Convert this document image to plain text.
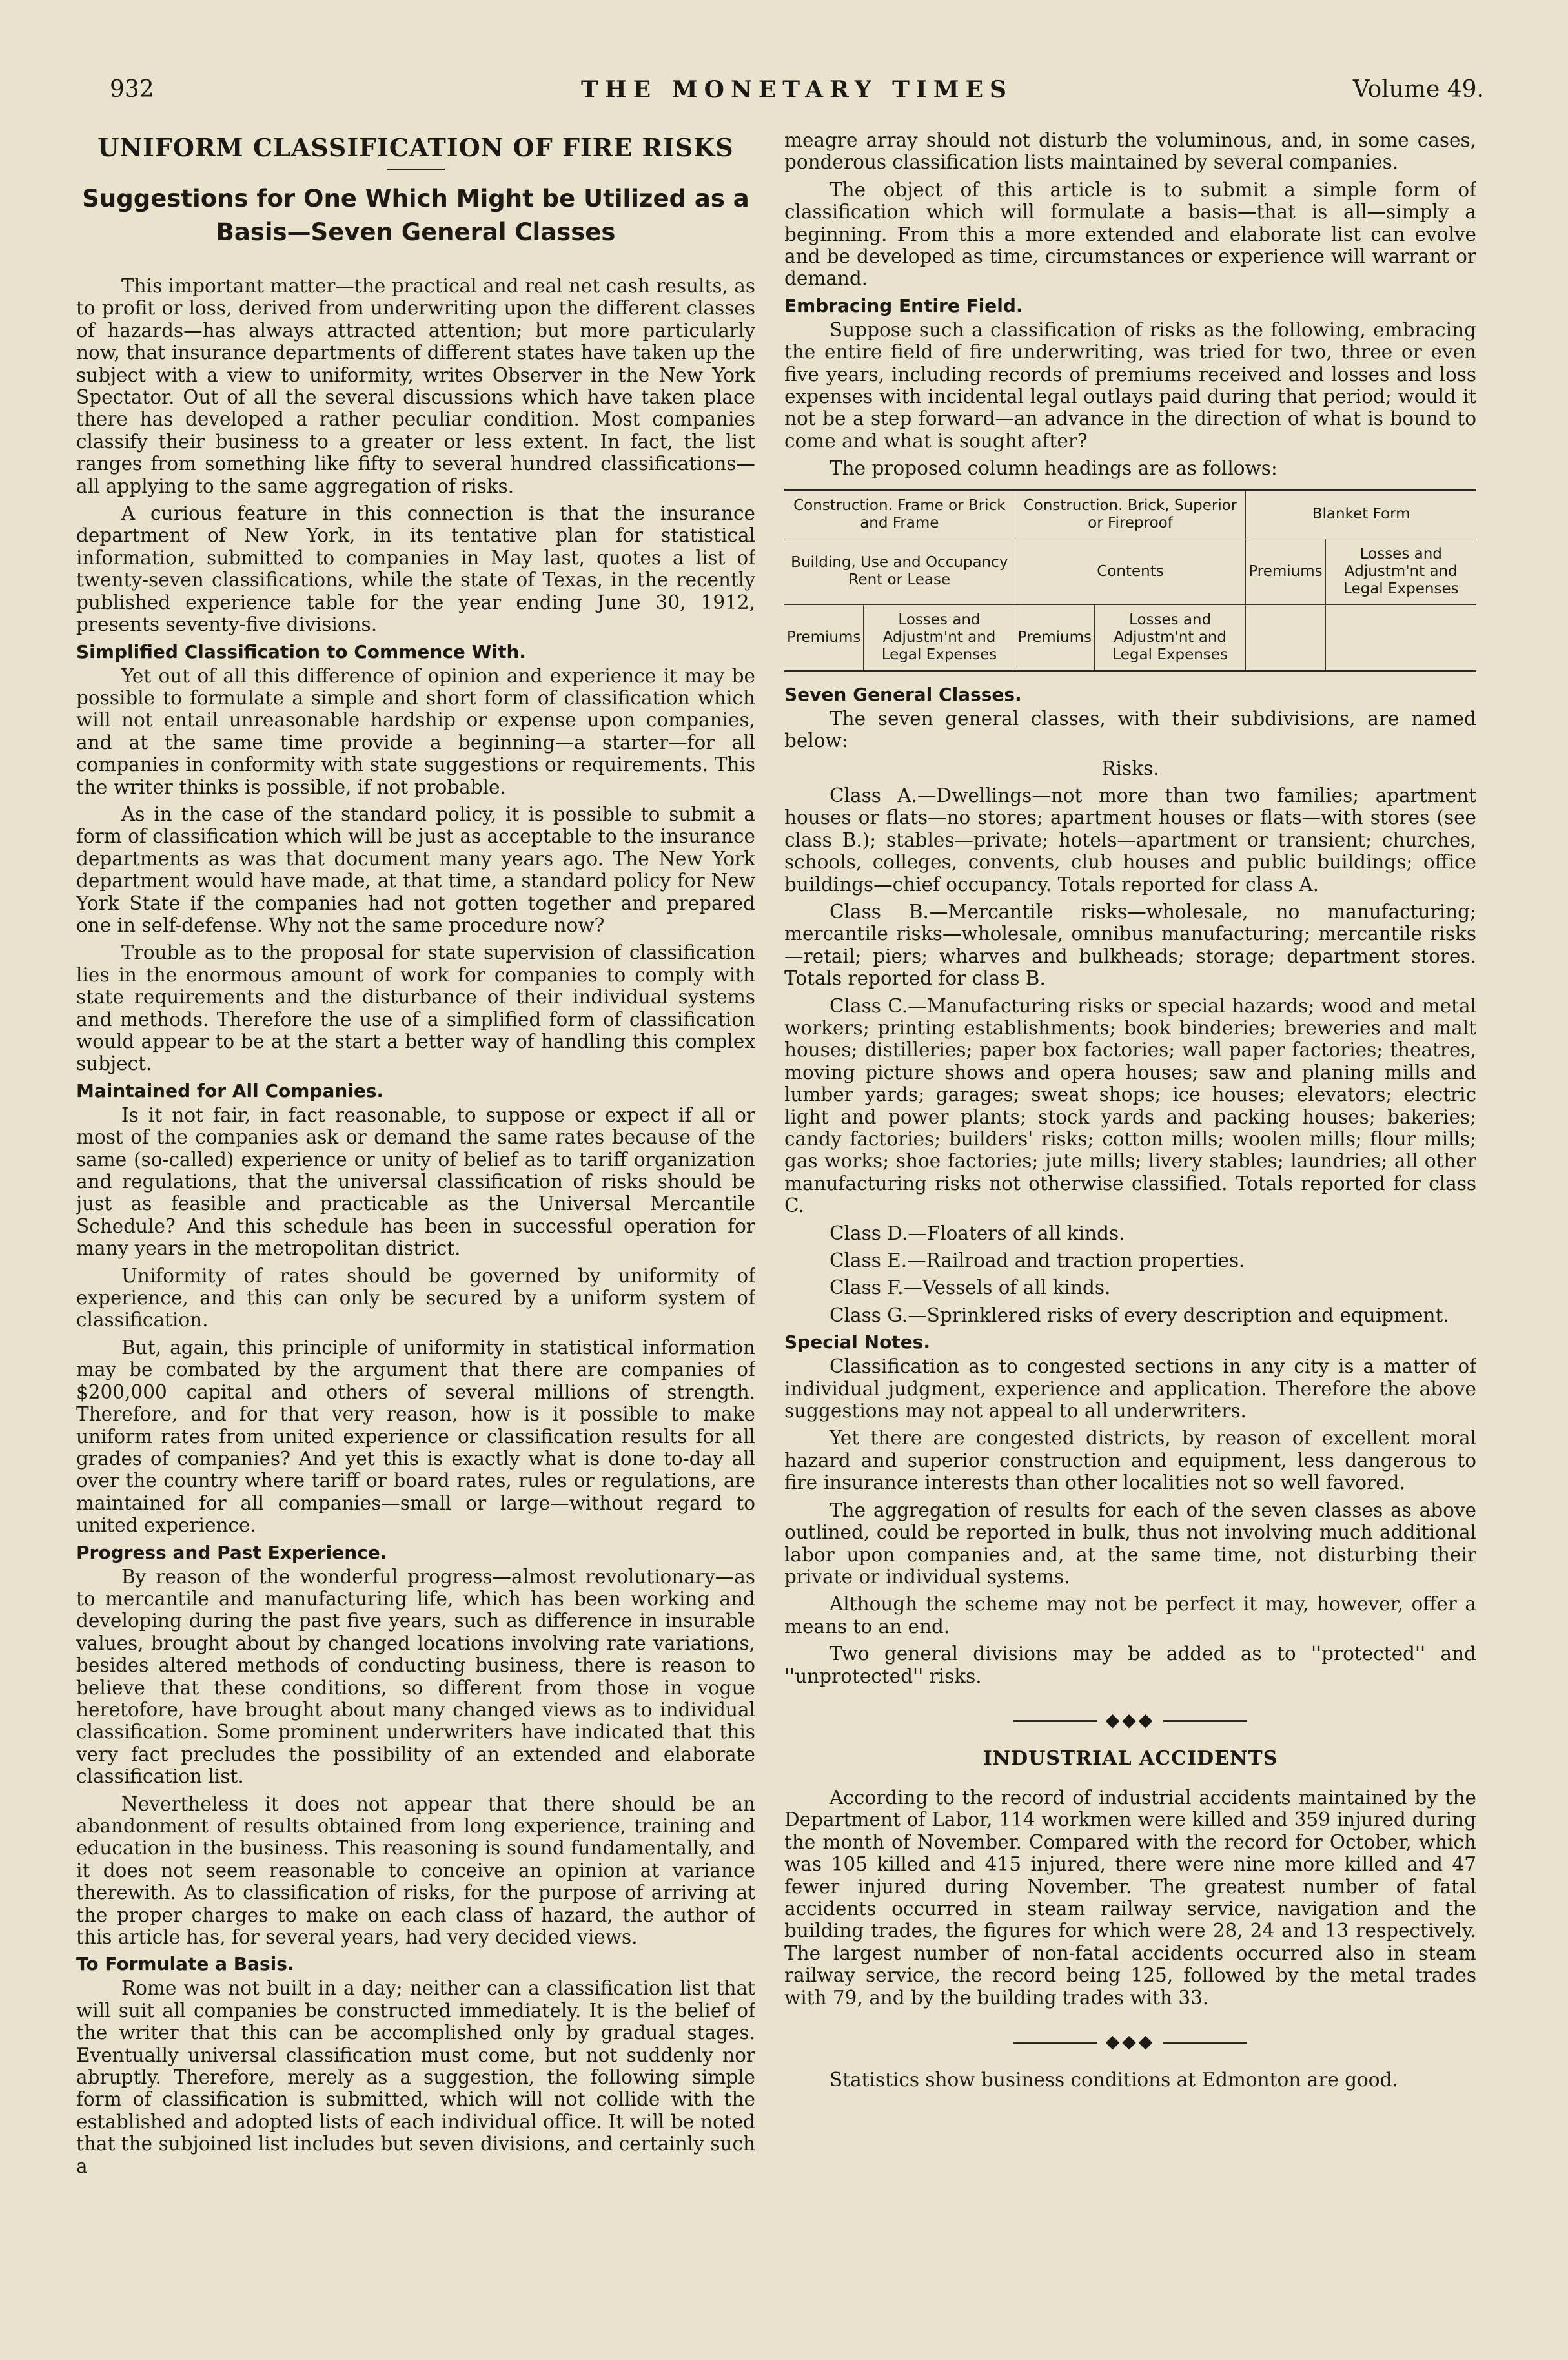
932	THE MONETARY TIMES	Volume 49.
UNIFORM CLASSIFICATION OF FIRE RISKS
Suggestions for One Which Might be Utilized as a Basis—Seven General Classes

This important matter—the practical and real net cash results, as to profit or loss, derived from underwriting upon the different classes of hazards—has always attracted attention; but more particularly now, that insurance departments of different states have taken up the subject with a view to uniformity, writes Observer in the New York Spectator. Out of all the several discussions which have taken place there has developed a rather peculiar condition. Most companies classify their business to a greater or less extent. In fact, the list ranges from something like fifty to several hundred classifications—all applying to the same aggregation of risks.

A curious feature in this connection is that the insurance department of New York, in its tentative plan for statistical information, submitted to companies in May last, quotes a list of twenty-seven classifications, while the state of Texas, in the recently published experience table for the year ending June 30, 1912, presents seventy-five divisions.

Simplified Classification to Commence With.

Yet out of all this difference of opinion and experience it may be possible to formulate a simple and short form of classification which will not entail unreasonable hardship or expense upon companies, and at the same time provide a beginning—a starter—for all companies in conformity with state suggestions or requirements. This the writer thinks is possible, if not probable.

As in the case of the standard policy, it is possible to submit a form of classification which will be just as acceptable to the insurance departments as was that document many years ago. The New York department would have made, at that time, a standard policy for New York State if the companies had not gotten together and prepared one in self-defense. Why not the same procedure now?

Trouble as to the proposal for state supervision of classification lies in the enormous amount of work for companies to comply with state requirements and the disturbance of their individual systems and methods. Therefore the use of a simplified form of classification would appear to be at the start a better way of handling this complex subject.

Maintained for All Companies.

Is it not fair, in fact reasonable, to suppose or expect if all or most of the companies ask or demand the same rates because of the same (so-called) experience or unity of belief as to tariff organization and regulations, that the universal classification of risks should be just as feasible and practicable as the Universal Mercantile Schedule? And this schedule has been in successful operation for many years in the metropolitan district.

Uniformity of rates should be governed by uniformity of experience, and this can only be secured by a uniform system of classification.

But, again, this principle of uniformity in statistical information may be combated by the argument that there are companies of $200,000 capital and others of several millions of strength. Therefore, and for that very reason, how is it possible to make uniform rates from united experience or classification results for all grades of companies? And yet this is exactly what is done to-day all over the country where tariff or board rates, rules or regulations, are maintained for all companies—small or large—without regard to united experience.

Progress and Past Experience.

By reason of the wonderful progress—almost revolutionary—as to mercantile and manufacturing life, which has been working and developing during the past five years, such as difference in insurable values, brought about by changed locations involving rate variations, besides altered methods of conducting business, there is reason to believe that these conditions, so different from those in vogue heretofore, have brought about many changed views as to individual classification. Some prominent underwriters have indicated that this very fact precludes the possibility of an extended and elaborate classification list.

Nevertheless it does not appear that there should be an abandonment of results obtained from long experience, training and education in the business. This reasoning is sound fundamentally, and it does not seem reasonable to conceive an opinion at variance therewith. As to classification of risks, for the purpose of arriving at the proper charges to make on each class of hazard, the author of this article has, for several years, had very decided views.

To Formulate a Basis.

Rome was not built in a day; neither can a classification list that will suit all companies be constructed immediately. It is the belief of the writer that this can be accomplished only by gradual stages. Eventually universal classification must come, but not suddenly nor abruptly. Therefore, merely as a suggestion, the following simple form of classification is submitted, which will not collide with the established and adopted lists of each individual office. It will be noted that the subjoined list includes but seven divisions, and certainly such a

meagre array should not disturb the voluminous, and, in some cases, ponderous classification lists maintained by several companies.

The object of this article is to submit a simple form of classification which will formulate a basis—that is all—simply a beginning. From this a more extended and elaborate list can evolve and be developed as time, circumstances or experience will warrant or demand.

Embracing Entire Field.

Suppose such a classification of risks as the following, embracing the entire field of fire underwriting, was tried for two, three or even five years, including records of premiums received and losses and loss expenses with incidental legal outlays paid during that period; would it not be a step forward—an advance in the direction of what is bound to come and what is sought after?

The proposed column headings are as follows:

Construction. Frame or Brick and Frame		Construction. Brick, Superior or Fireproof		Blanket Form	
Building, Use and Occupancy Rent or Lease		Contents		Premiums	Losses and Adjustm'nt and Legal Expenses
Premiums	Losses and Adjustm'nt and Legal Expenses	Premiums	Losses and Adjustm'nt and Legal Expenses		
Seven General Classes.

The seven general classes, with their subdivisions, are named below:

Risks.

Class A.—Dwellings—not more than two families; apartment houses or flats—no stores; apartment houses or flats—with stores (see class B.); stables—private; hotels—apartment or transient; churches, schools, colleges, convents, club houses and public buildings; office buildings—chief occupancy. Totals reported for class A.

Class B.—Mercantile risks—wholesale, no manufacturing; mercantile risks—wholesale, omnibus manufacturing; mercantile risks—retail; piers; wharves and bulkheads; storage; department stores. Totals reported for class B.

Class C.—Manufacturing risks or special hazards; wood and metal workers; printing establishments; book binderies; breweries and malt houses; distilleries; paper box factories; wall paper factories; theatres, moving picture shows and opera houses; saw and planing mills and lumber yards; garages; sweat shops; ice houses; elevators; electric light and power plants; stock yards and packing houses; bakeries; candy factories; builders' risks; cotton mills; woolen mills; flour mills; gas works; shoe factories; jute mills; livery stables; laundries; all other manufacturing risks not otherwise classified. Totals reported for class C.

Class D.—Floaters of all kinds.

Class E.—Railroad and traction properties.

Class F.—Vessels of all kinds.

Class G.—Sprinklered risks of every description and equipment.

Special Notes.

Classification as to congested sections in any city is a matter of individual judgment, experience and application. Therefore the above suggestions may not appeal to all underwriters.

Yet there are congested districts, by reason of excellent moral hazard and superior construction and equipment, less dangerous to fire insurance interests than other localities not so well favored.

The aggregation of results for each of the seven classes as above outlined, could be reported in bulk, thus not involving much additional labor upon companies and, at the same time, not disturbing their private or individual systems.

Although the scheme may not be perfect it may, however, offer a means to an end.

Two general divisions may be added as to ''protected'' and ''unprotected'' risks.

◆◆◆
INDUSTRIAL ACCIDENTS

According to the record of industrial accidents maintained by the Department of Labor, 114 workmen were killed and 359 injured during the month of November. Compared with the record for October, which was 105 killed and 415 injured, there were nine more killed and 47 fewer injured during November. The greatest number of fatal accidents occurred in steam railway service, navigation and the building trades, the figures for which were 28, 24 and 13 respectively. The largest number of non-fatal accidents occurred also in steam railway service, the record being 125, followed by the metal trades with 79, and by the building trades with 33.

◆◆◆

Statistics show business conditions at Edmonton are good.
